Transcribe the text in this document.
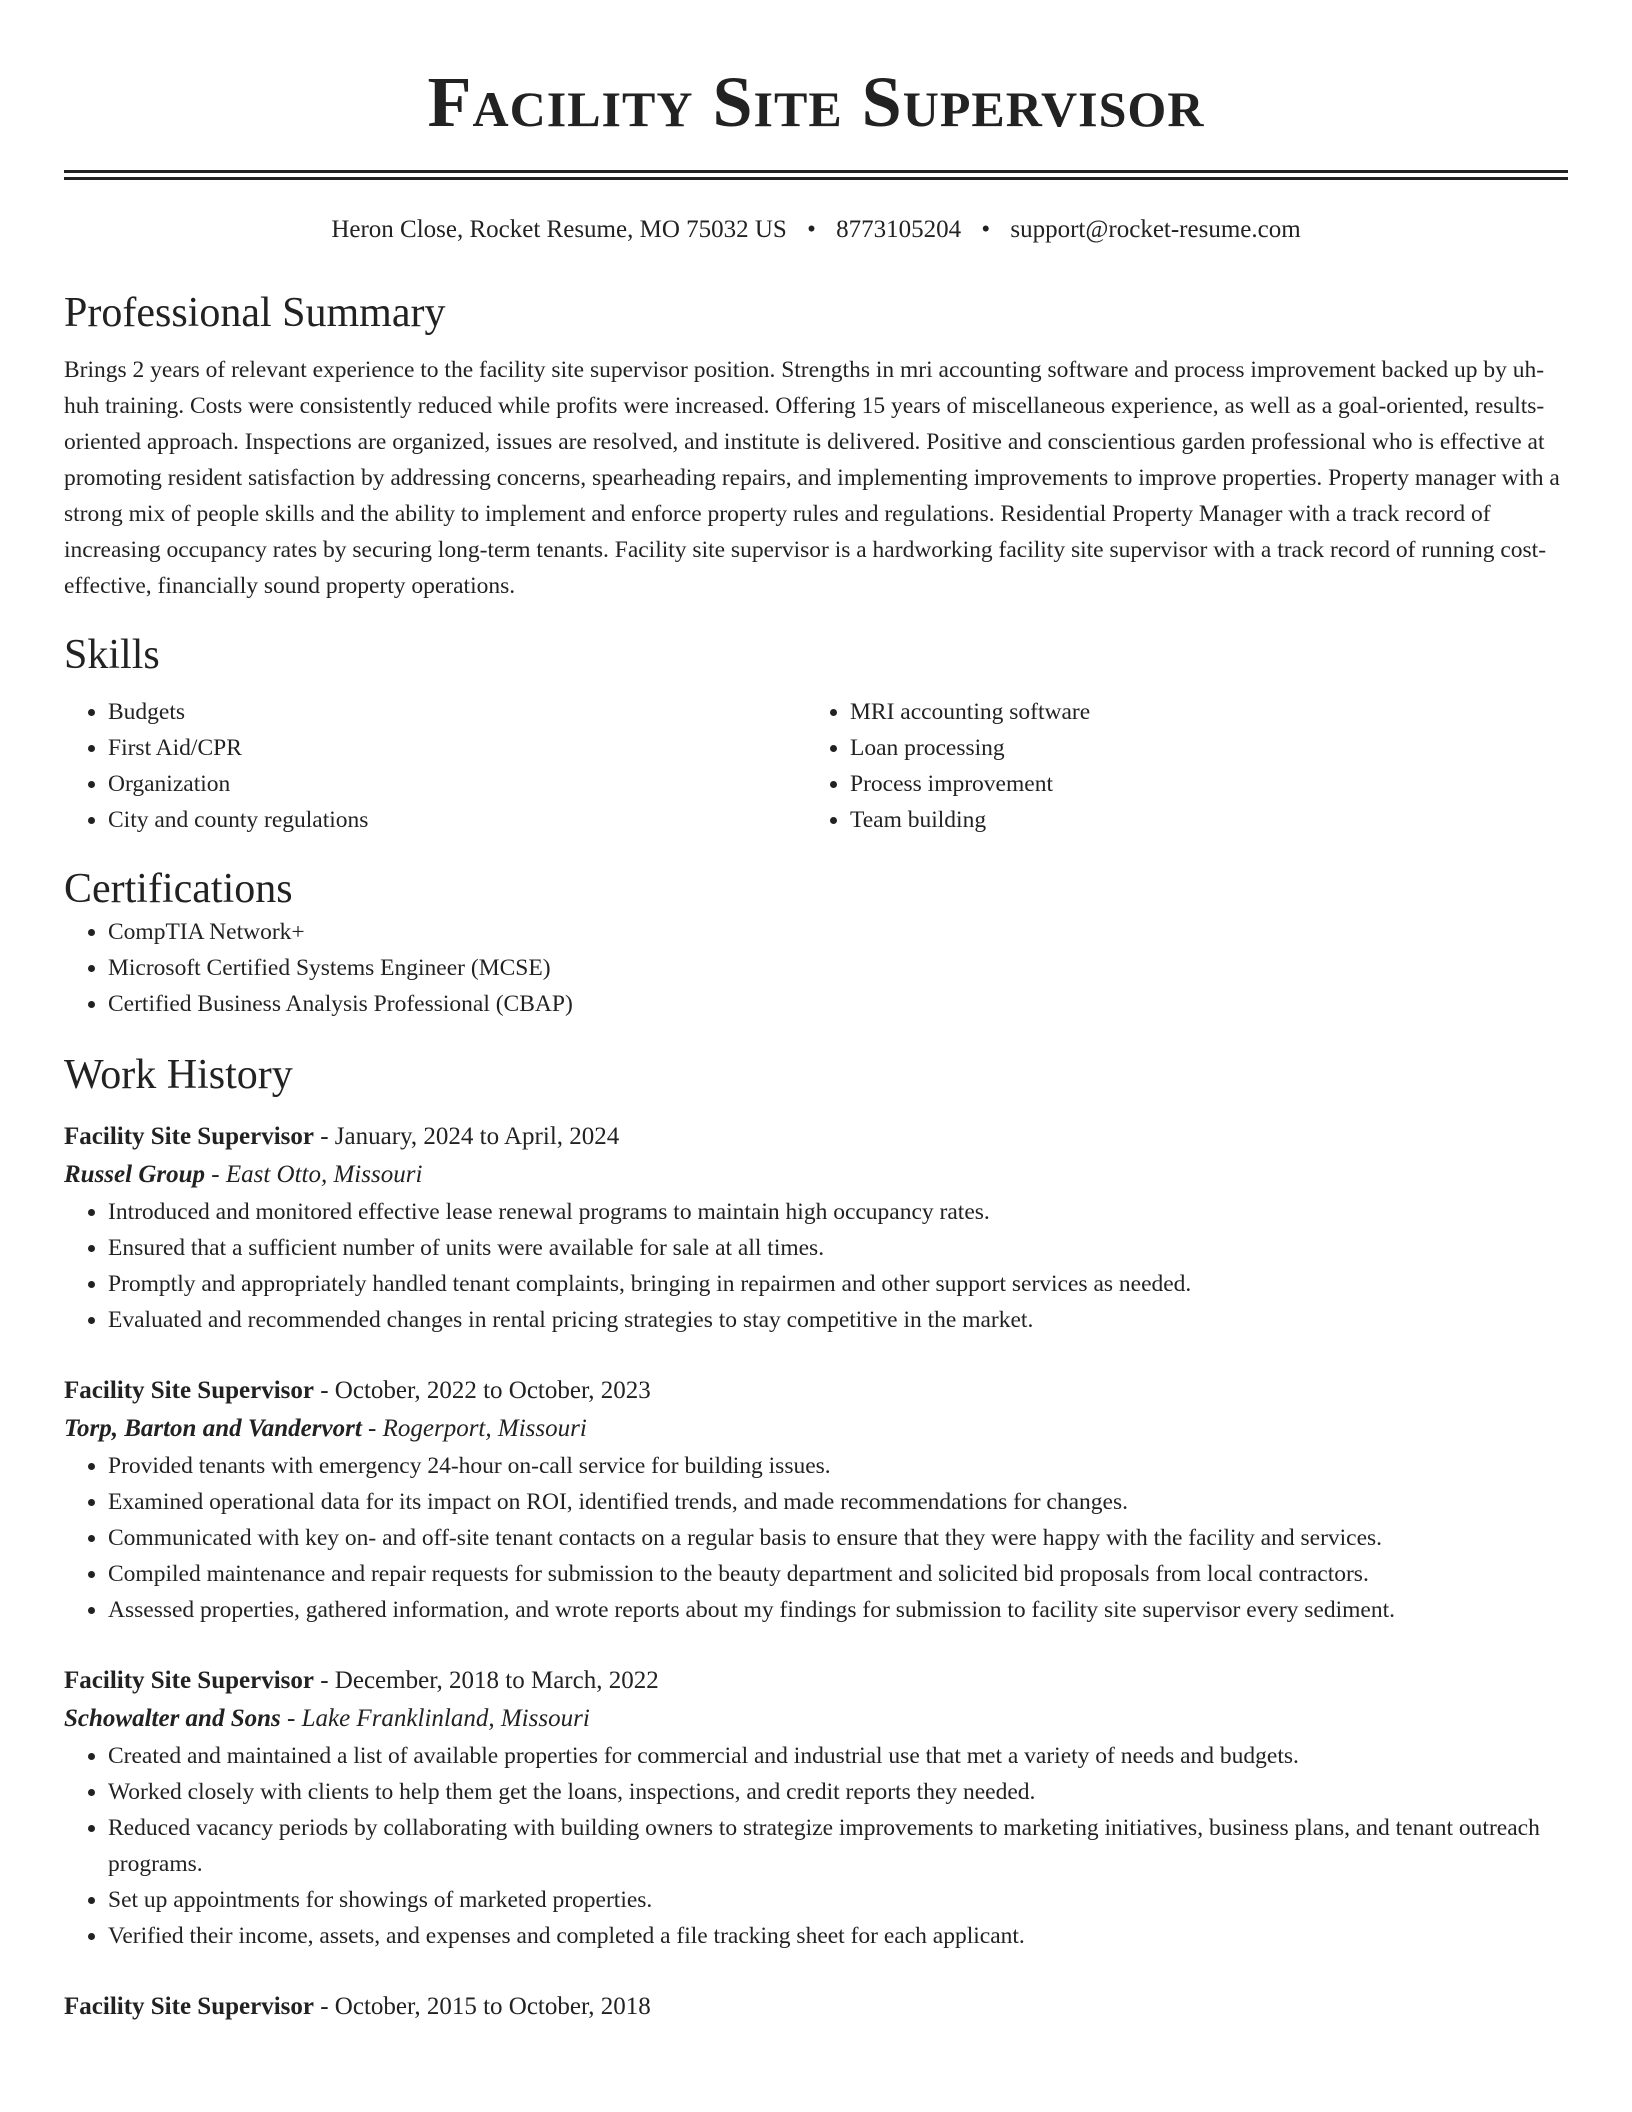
Facility Site Supervisor
Heron Close, Rocket Resume, MO 75032 US • 8773105204 • support@rocket-resume.com
Professional Summary

Brings 2 years of relevant experience to the facility site supervisor position. Strengths in mri accounting software and process improvement backed up by uh-huh training. Costs were consistently reduced while profits were increased. Offering 15 years of miscellaneous experience, as well as a goal-oriented, results-oriented approach. Inspections are organized, issues are resolved, and institute is delivered. Positive and conscientious garden professional who is effective at promoting resident satisfaction by addressing concerns, spearheading repairs, and implementing improvements to improve properties. Property manager with a strong mix of people skills and the ability to implement and enforce property rules and regulations. Residential Property Manager with a track record of increasing occupancy rates by securing long-term tenants. Facility site supervisor is a hardworking facility site supervisor with a track record of running cost-effective, financially sound property operations.

Skills
• Budgets
• First Aid/CPR
• Organization
• City and county regulations
• MRI accounting software
• Loan processing
• Process improvement
• Team building
Certifications
• CompTIA Network+
• Microsoft Certified Systems Engineer (MCSE)
• Certified Business Analysis Professional (CBAP)
Work History
Facility Site Supervisor - January, 2024 to April, 2024
Russel Group - East Otto, Missouri
• Introduced and monitored effective lease renewal programs to maintain high occupancy rates.
• Ensured that a sufficient number of units were available for sale at all times.
• Promptly and appropriately handled tenant complaints, bringing in repairmen and other support services as needed.
• Evaluated and recommended changes in rental pricing strategies to stay competitive in the market.
Facility Site Supervisor - October, 2022 to October, 2023
Torp, Barton and Vandervort - Rogerport, Missouri
• Provided tenants with emergency 24-hour on-call service for building issues.
• Examined operational data for its impact on ROI, identified trends, and made recommendations for changes.
• Communicated with key on- and off-site tenant contacts on a regular basis to ensure that they were happy with the facility and services.
• Compiled maintenance and repair requests for submission to the beauty department and solicited bid proposals from local contractors.
• Assessed properties, gathered information, and wrote reports about my findings for submission to facility site supervisor every sediment.
Facility Site Supervisor - December, 2018 to March, 2022
Schowalter and Sons - Lake Franklinland, Missouri
• Created and maintained a list of available properties for commercial and industrial use that met a variety of needs and budgets.
• Worked closely with clients to help them get the loans, inspections, and credit reports they needed.
• Reduced vacancy periods by collaborating with building owners to strategize improvements to marketing initiatives, business plans, and tenant outreach programs.
• Set up appointments for showings of marketed properties.
• Verified their income, assets, and expenses and completed a file tracking sheet for each applicant.
Facility Site Supervisor - October, 2015 to October, 2018
